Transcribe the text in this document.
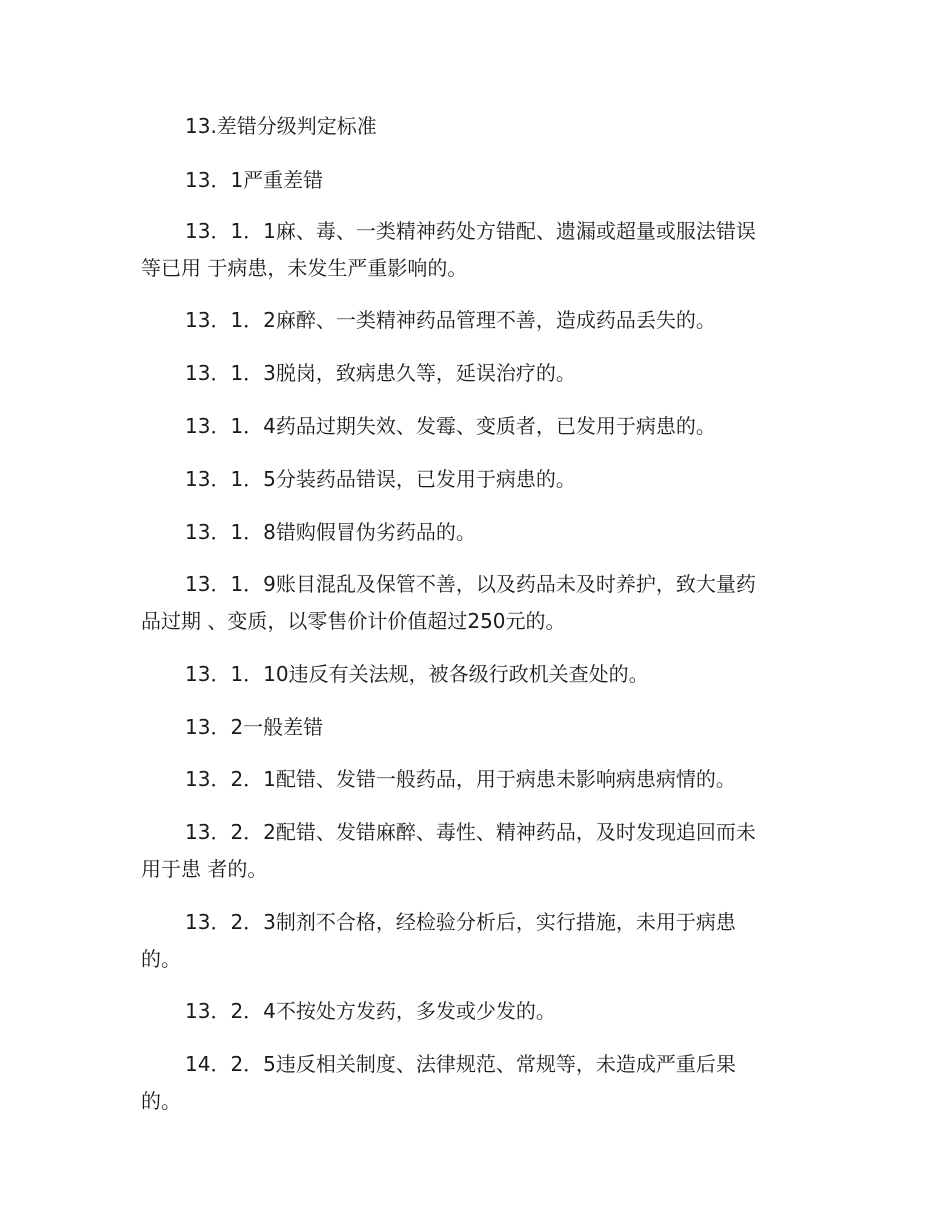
13.差错分级判定标准
13．1严重差错
13．1．1麻、毒、一类精神药处方错配、遗漏或超量或服法错误
等已用 于病患，未发生严重影响的。
13．1．2麻醉、一类精神药品管理不善，造成药品丢失的。
13．1．3脱岗，致病患久等，延误治疗的。
13．1．4药品过期失效、发霉、变质者，已发用于病患的。
13．1．5分装药品错误，已发用于病患的。
13．1．8错购假冒伪劣药品的。
13．1．9账目混乱及保管不善，以及药品未及时养护，致大量药
品过期 、变质，以零售价计价值超过250元的。
13．1．10违反有关法规，被各级行政机关查处的。
13．2一般差错
13．2．1配错、发错一般药品，用于病患未影响病患病情的。
13．2．2配错、发错麻醉、毒性、精神药品，及时发现追回而未
用于患 者的。
13．2．3制剂不合格，经检验分析后，实行措施，未用于病患
的。
13．2．4不按处方发药，多发或少发的。
14．2．5违反相关制度、法律规范、常规等，未造成严重后果
的。
